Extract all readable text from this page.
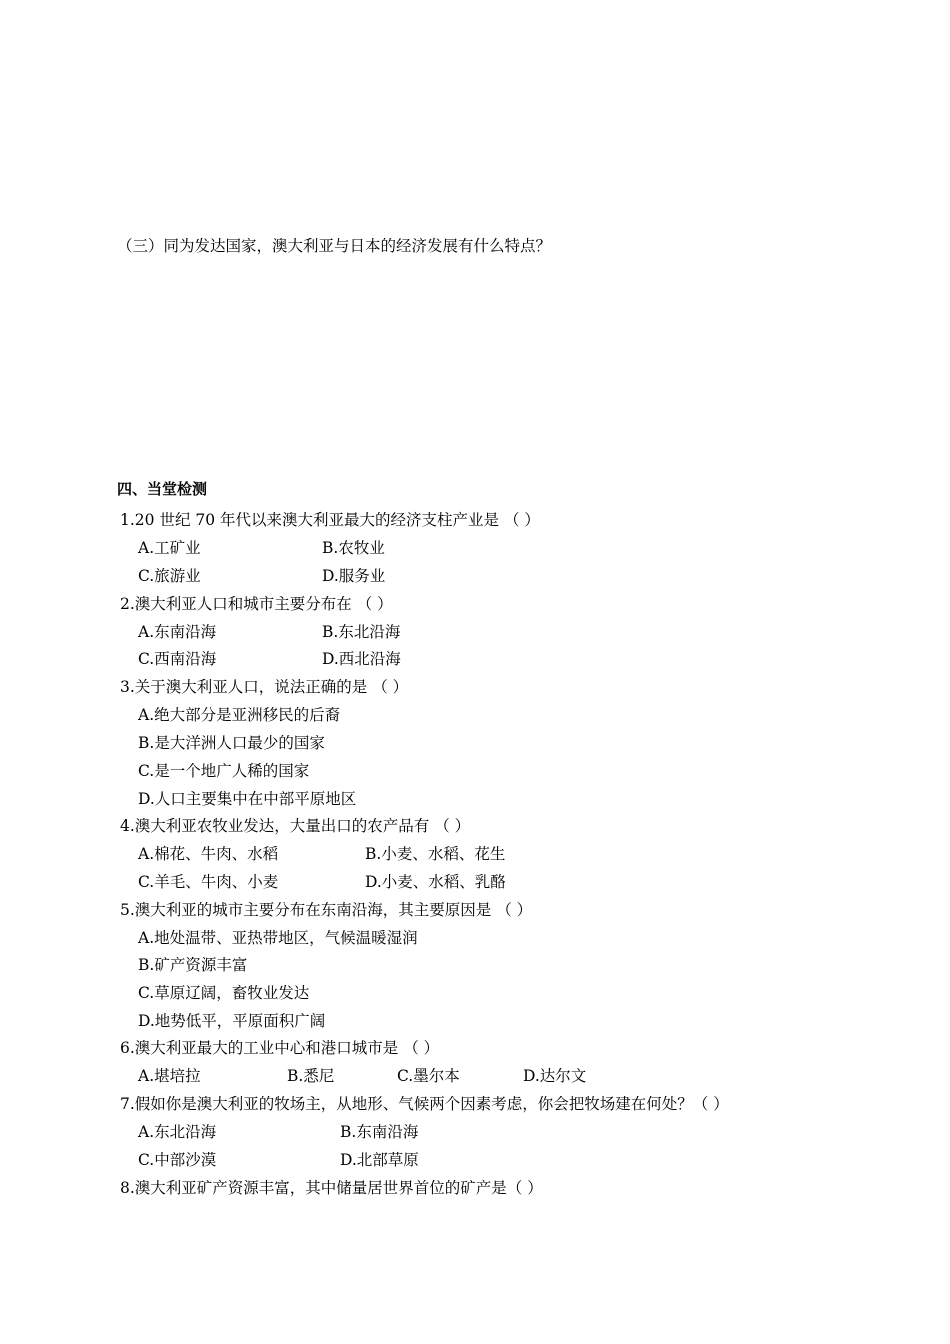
（三）同为发达国家，澳大利亚与日本的经济发展有什么特点？
四、当堂检测
1.20 世纪 70 年代以来澳大利亚最大的经济支柱产业是 （ ）
A.工矿业	B.农牧业
C.旅游业	D.服务业
2.澳大利亚人口和城市主要分布在 （ ）
A.东南沿海	B.东北沿海
C.西南沿海	D.西北沿海
3.关于澳大利亚人口，说法正确的是 （ ）
A.绝大部分是亚洲移民的后裔
B.是大洋洲人口最少的国家
C.是一个地广人稀的国家
D.人口主要集中在中部平原地区
4.澳大利亚农牧业发达，大量出口的农产品有 （ ）
A.棉花、牛肉、水稻	B.小麦、水稻、花生
C.羊毛、牛肉、小麦	D.小麦、水稻、乳酪
5.澳大利亚的城市主要分布在东南沿海，其主要原因是 （ ）
A.地处温带、亚热带地区，气候温暖湿润
B.矿产资源丰富
C.草原辽阔，畜牧业发达
D.地势低平，平原面积广阔
6.澳大利亚最大的工业中心和港口城市是 （ ）
A.堪培拉	B.悉尼	C.墨尔本	D.达尔文
7.假如你是澳大利亚的牧场主，从地形、气候两个因素考虑，你会把牧场建在何处？（ ）
A.东北沿海	B.东南沿海
C.中部沙漠	D.北部草原
8.澳大利亚矿产资源丰富，其中储量居世界首位的矿产是（ ）
